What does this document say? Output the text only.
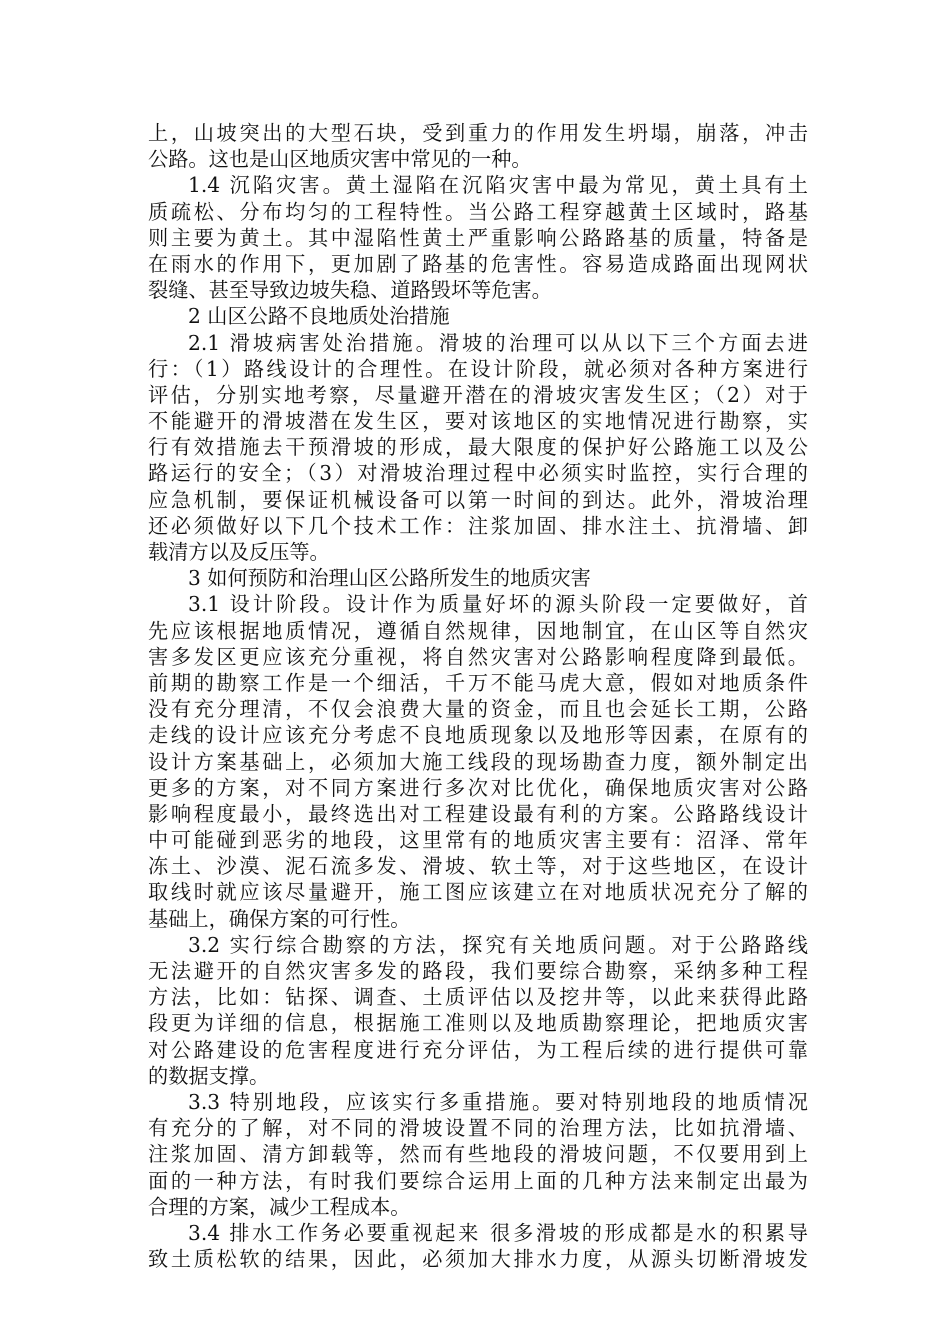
上，山坡突出的大型石块，受到重力的作用发生坍塌，崩落，冲击
公路。这也是山区地质灾害中常见的一种。
1.4 沉陷灾害。黄土湿陷在沉陷灾害中最为常见，黄土具有土
质疏松、分布均匀的工程特性。当公路工程穿越黄土区域时，路基
则主要为黄土。其中湿陷性黄土严重影响公路路基的质量，特备是
在雨水的作用下，更加剧了路基的危害性。容易造成路面出现网状
裂缝、甚至导致边坡失稳、道路毁坏等危害。
2 山区公路不良地质处治措施
2.1 滑坡病害处治措施。滑坡的治理可以从以下三个方面去进
行：（1）路线设计的合理性。在设计阶段，就必须对各种方案进行
评估，分别实地考察，尽量避开潜在的滑坡灾害发生区；（2）对于
不能避开的滑坡潜在发生区，要对该地区的实地情况进行勘察，实
行有效措施去干预滑坡的形成，最大限度的保护好公路施工以及公
路运行的安全；（3）对滑坡治理过程中必须实时监控，实行合理的
应急机制，要保证机械设备可以第一时间的到达。此外，滑坡治理
还必须做好以下几个技术工作：注浆加固、排水注土、抗滑墙、卸
载清方以及反压等。
3 如何预防和治理山区公路所发生的地质灾害
3.1 设计阶段。设计作为质量好坏的源头阶段一定要做好，首
先应该根据地质情况，遵循自然规律，因地制宜，在山区等自然灾
害多发区更应该充分重视，将自然灾害对公路影响程度降到最低。
前期的勘察工作是一个细活，千万不能马虎大意，假如对地质条件
没有充分理清，不仅会浪费大量的资金，而且也会延长工期，公路
走线的设计应该充分考虑不良地质现象以及地形等因素，在原有的
设计方案基础上，必须加大施工线段的现场勘查力度，额外制定出
更多的方案，对不同方案进行多次对比优化，确保地质灾害对公路
影响程度最小，最终选出对工程建设最有利的方案。公路路线设计
中可能碰到恶劣的地段，这里常有的地质灾害主要有：沼泽、常年
冻土、沙漠、泥石流多发、滑坡、软土等，对于这些地区，在设计
取线时就应该尽量避开，施工图应该建立在对地质状况充分了解的
基础上，确保方案的可行性。
3.2 实行综合勘察的方法，探究有关地质问题。对于公路路线
无法避开的自然灾害多发的路段，我们要综合勘察，采纳多种工程
方法，比如：钻探、调查、土质评估以及挖井等，以此来获得此路
段更为详细的信息，根据施工准则以及地质勘察理论，把地质灾害
对公路建设的危害程度进行充分评估，为工程后续的进行提供可靠
的数据支撑。
3.3 特别地段，应该实行多重措施。要对特别地段的地质情况
有充分的了解，对不同的滑坡设置不同的治理方法，比如抗滑墙、
注浆加固、清方卸载等，然而有些地段的滑坡问题，不仅要用到上
面的一种方法，有时我们要综合运用上面的几种方法来制定出最为
合理的方案，减少工程成本。
3.4 排水工作务必要重视起来 很多滑坡的形成都是水的积累导
致土质松软的结果，因此，必须加大排水力度，从源头切断滑坡发
